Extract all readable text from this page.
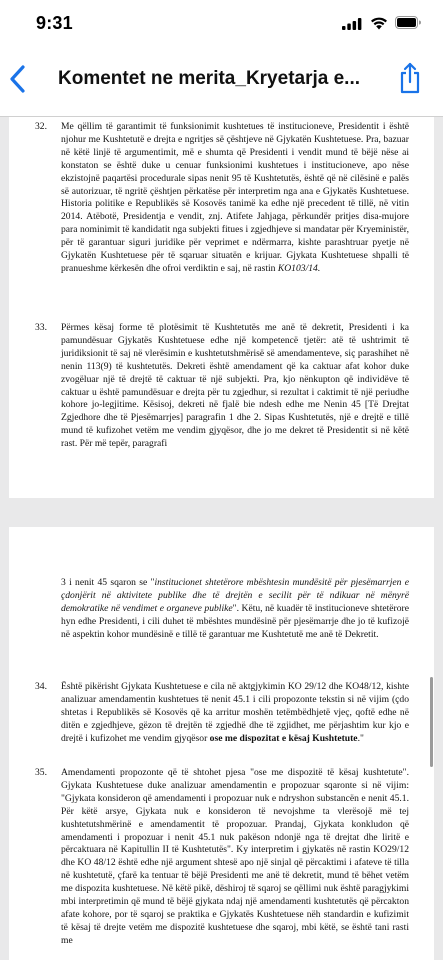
9:31
Komentet ne merita_Kryetarja e...
32. Me qëllim të garantimit të funksionimit kushtetues të institucioneve, Presidentit i është njohur me Kushtetutë e drejta e ngritjes së çështjeve në Gjykatën Kushtetuese. Pra, bazuar në këtë linjë të argumentimit, më e shumta që Presidenti i vendit mund të bëjë nëse ai konstaton se është duke u cenuar funksionimi kushtetues i institucioneve, apo nëse ekzistojnë paqartësi procedurale sipas nenit 95 të Kushtetutës, është që në cilësinë e palës së autorizuar, të ngritë çështjen përkatëse për interpretim nga ana e Gjykatës Kushtetuese. Historia politike e Republikës së Kosovës tanimë ka edhe një precedent të tillë, në vitin 2014. Atëbotë, Presidentja e vendit, znj. Atifete Jahjaga, përkundër pritjes disa-mujore para nominimit të kandidatit nga subjekti fitues i zgjedhjeve si mandatar për Kryeministër, për të garantuar siguri juridike për veprimet e ndërmarra, kishte parashtruar pyetje në Gjykatën Kushtetuese për të sqaruar situatën e krijuar. Gjykata Kushtetuese shpalli të pranueshme kërkesën dhe ofroi verdiktin e saj, në rastin KO103/14.
33. Përmes kësaj forme të plotësimit të Kushtetutës me anë të dekretit, Presidenti i ka pamundësuar Gjykatës Kushtetuese edhe një kompetencë tjetër: atë të ushtrimit të juridiksionit të saj në vlerësimin e kushtetutshmërisë së amendamenteve, siç parashihet në nenin 113(9) të kushtetutës. Dekreti është amendament që ka caktuar afat kohor duke zvogëluar një të drejtë të caktuar të një subjekti. Pra, kjo nënkupton që individëve të caktuar u është pamundësuar e drejta për tu zgjedhur, si rezultat i caktimit të një periudhe kohore jo-legjitime. Kësisoj, dekreti në fjalë bie ndesh edhe me Nenin 45 [Të Drejtat Zgjedhore dhe të Pjesëmarrjes] paragrafin 1 dhe 2. Sipas Kushtetutës, një e drejtë e tillë mund të kufizohet vetëm me vendim gjyqësor, dhe jo me dekret të Presidentit si në këtë rast. Për më tepër, paragrafi
3 i nenit 45 sqaron se "institucionet shtetërore mbështesin mundësitë për pjesëmarrjen e çdonjërit në aktivitete publike dhe të drejtën e secilit për të ndikuar në mënyrë demokratike në vendimet e organeve publike". Këtu, në kuadër të institucioneve shtetërore hyn edhe Presidenti, i cili duhet të mbështes mundësinë për pjesëmarrje dhe jo të kufizojë në aspektin kohor mundësinë e tillë të garantuar me Kushtetutë me anë të Dekretit.
34. Është pikërisht Gjykata Kushtetuese e cila në aktgjykimin KO 29/12 dhe KO48/12, kishte analizuar amendamentin kushtetues të nenit 45.1 i cili propozonte tekstin si në vijim (çdo shtetas i Republikës së Kosovës që ka arritur moshën tetëmbëdhjetë vjeç, qoftë edhe në ditën e zgjedhjeve, gëzon të drejtën të zgjedhë dhe të zgjidhet, me përjashtim kur kjo e drejtë i kufizohet me vendim gjyqësor ose me dispozitat e kësaj Kushtetute."
35. Amendamenti propozonte që të shtohet pjesa "ose me dispozitë të kësaj kushtetute". Gjykata Kushtetuese duke analizuar amendamentin e propozuar sqaronte si në vijim: "Gjykata konsideron që amendamenti i propozuar nuk e ndryshon substancën e nenit 45.1. Për këtë arsye, Gjykata nuk e konsideron të nevojshme ta vlerësojë më tej kushtetutshmërinë e amendamentit të propozuar. Prandaj, Gjykata konkludon që amendamenti i propozuar i nenit 45.1 nuk pakëson ndonjë nga të drejtat dhe liritë e përcaktuara në Kapitullin II të Kushtetutës". Ky interpretim i gjykatës në rastin KO29/12 dhe KO 48/12 është edhe një argument shtesë apo një sinjal që përcaktimi i afateve të tilla në kushtetutë, çfarë ka tentuar të bëjë Presidenti me anë të dekretit, mund të bëhet vetëm me dispozita kushtetuese. Në këtë pikë, dëshiroj të sqaroj se qëllimi nuk është paragjykimi mbi interpretimin që mund të bëjë gjykata ndaj një amendamenti kushtetutës që përcakton afate kohore, por të sqaroj se praktika e Gjykatës Kushtetuese nëh standardin e kufizimit të kësaj të drejte vetëm me dispozitë kushtetuese dhe sqaroj, mbi këtë, se është tani rasti me
